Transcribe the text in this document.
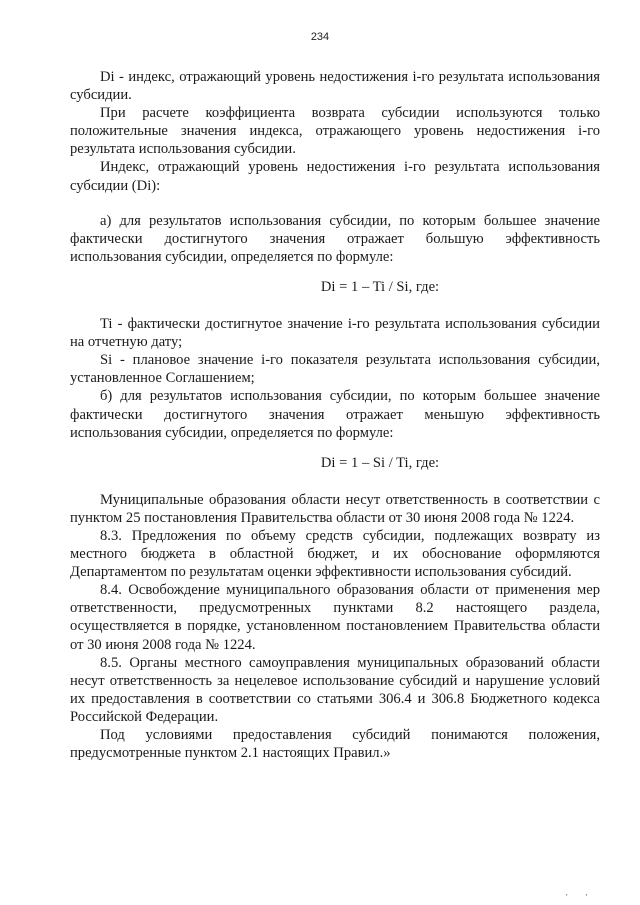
234

Di - индекс, отражающий уровень недостижения i-го результата использования субсидии.

При расчете коэффициента возврата субсидии используются только положительные значения индекса, отражающего уровень недостижения i-го результата использования субсидии.

Индекс, отражающий уровень недостижения i-го результата использования субсидии (Di):

а) для результатов использования субсидии, по которым большее значение фактически достигнутого значения отражает большую эффективность использования субсидии, определяется по формуле:

Di = 1 – Ti / Si, где:

Ti - фактически достигнутое значение i-го результата использования субсидии на отчетную дату;

Si - плановое значение i-го показателя результата использования субсидии, установленное Соглашением;

б) для результатов использования субсидии, по которым большее значение фактически достигнутого значения отражает меньшую эффективность использования субсидии, определяется по формуле:

Di = 1 – Si / Ti, где:

Муниципальные образования области несут ответственность в соответствии с пунктом 25 постановления Правительства области от 30 июня 2008 года № 1224.

8.3. Предложения по объему средств субсидии, подлежащих возврату из местного бюджета в областной бюджет, и их обоснование оформляются Департаментом по результатам оценки эффективности использования субсидий.

8.4. Освобождение муниципального образования области от применения мер ответственности, предусмотренных пунктами 8.2 настоящего раздела, осуществляется в порядке, установленном постановлением Правительства области от 30 июня 2008 года № 1224.

8.5. Органы местного самоуправления муниципальных образований области несут ответственность за нецелевое использование субсидий и нарушение условий их предоставления в соответствии со статьями 306.4 и 306.8 Бюджетного кодекса Российской Федерации.

Под условиями предоставления субсидий понимаются положения, предусмотренные пунктом 2.1 настоящих Правил.»

' '
